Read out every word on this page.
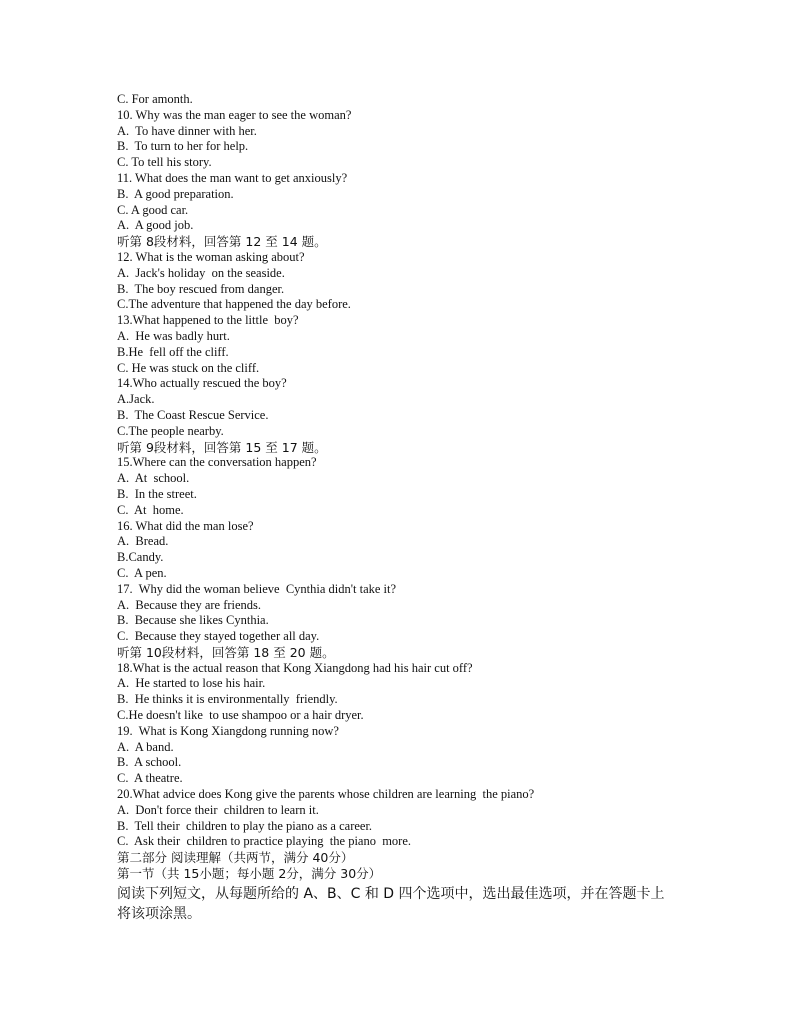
C. For amonth.
10. Why was the man eager to see the woman?
A.  To have dinner with her.
B.  To turn to her for help.
C. To tell his story.
11. What does the man want to get anxiously?
B.  A good preparation.
C. A good car.
A.  A good job.
听第 8段材料，回答第 12 至 14 题。
12. What is the woman asking about?
A.  Jack's holiday  on the seaside.
B.  The boy rescued from danger.
C.The adventure that happened the day before.
13.What happened to the little  boy?
A.  He was badly hurt.
B.He  fell off the cliff.
C. He was stuck on the cliff.
14.Who actually rescued the boy?
A.Jack.
B.  The Coast Rescue Service.
C.The people nearby.
听第 9段材料，回答第 15 至 17 题。
15.Where can the conversation happen?
A.  At  school.
B.  In the street.
C.  At  home.
16. What did the man lose?
A.  Bread.
B.Candy.
C.  A pen.
17.  Why did the woman believe  Cynthia didn't take it?
A.  Because they are friends.
B.  Because she likes Cynthia.
C.  Because they stayed together all day.
听第 10段材料，回答第 18 至 20 题。
18.What is the actual reason that Kong Xiangdong had his hair cut off?
A.  He started to lose his hair.
B.  He thinks it is environmentally  friendly.
C.He doesn't like  to use shampoo or a hair dryer.
19.  What is Kong Xiangdong running now?
A.  A band.
B.  A school.
C.  A theatre.
20.What advice does Kong give the parents whose children are learning  the piano?
A.  Don't force their  children to learn it.
B.  Tell their  children to play the piano as a career.
C.  Ask their  children to practice playing  the piano  more.
第二部分 阅读理解（共两节，满分 40分）
第一节（共 15小题；每小题 2分，满分 30分）
阅读下列短文，从每题所给的 A、B、C 和 D 四个选项中，选出最佳选项，并在答题卡上将该项涂黑。
